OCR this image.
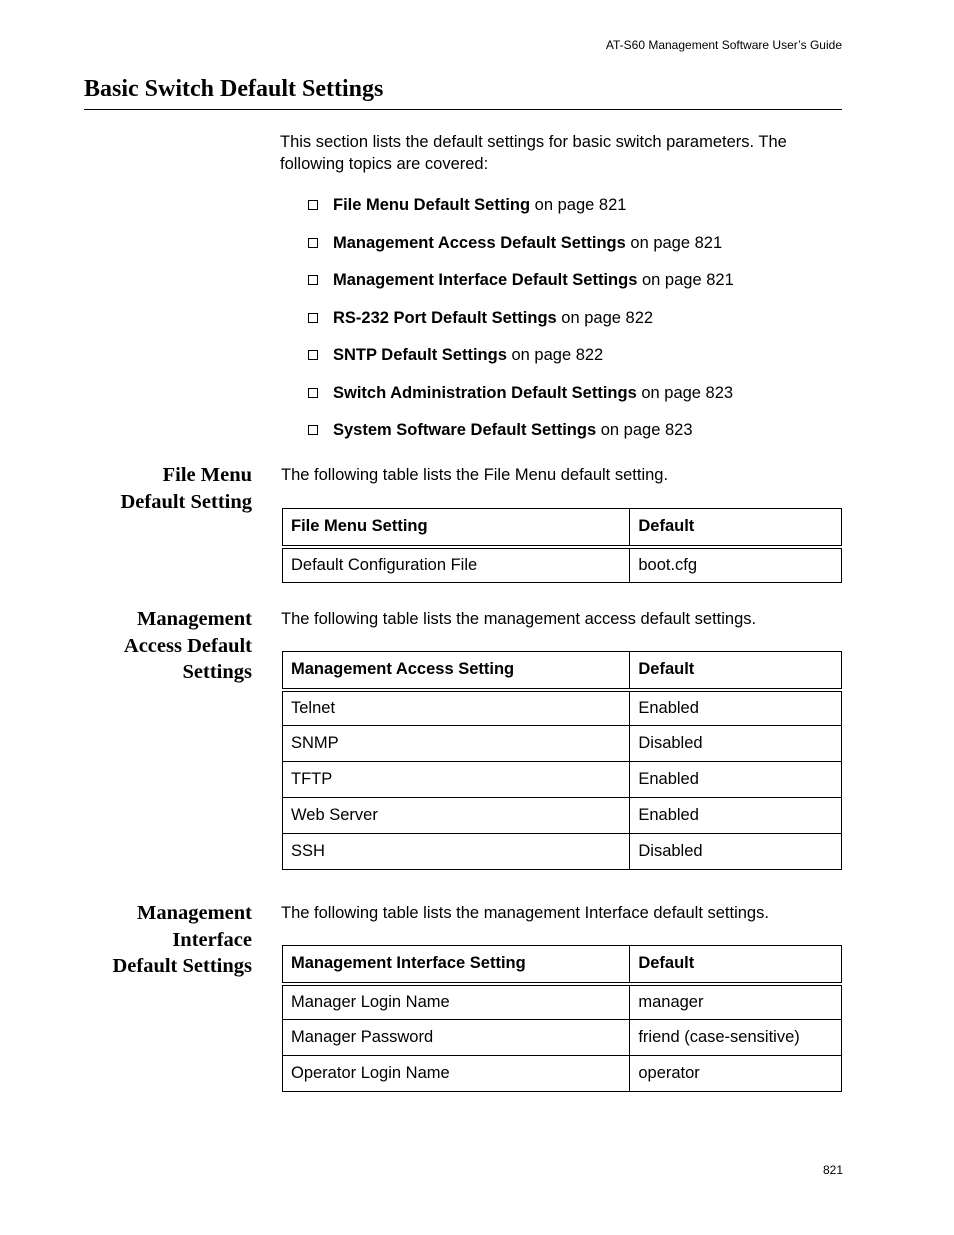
AT-S60 Management Software User’s Guide
Basic Switch Default Settings

This section lists the default settings for basic switch parameters. The following topics are covered:

File Menu Default Setting on page 821
Management Access Default Settings on page 821
Management Interface Default Settings on page 821
RS-232 Port Default Settings on page 822
SNTP Default Settings on page 822
Switch Administration Default Settings on page 823
System Software Default Settings on page 823
File Menu
Default Setting

The following table lists the File Menu default setting.

File Menu Setting	Default
Default Configuration File	boot.cfg
Management
Access Default
Settings

The following table lists the management access default settings.

Management Access Setting	Default
Telnet	Enabled
SNMP	Disabled
TFTP	Enabled
Web Server	Enabled
SSH	Disabled
Management
Interface
Default Settings

The following table lists the management Interface default settings.

Management Interface Setting	Default
Manager Login Name	manager
Manager Password	friend (case-sensitive)
Operator Login Name	operator
821
